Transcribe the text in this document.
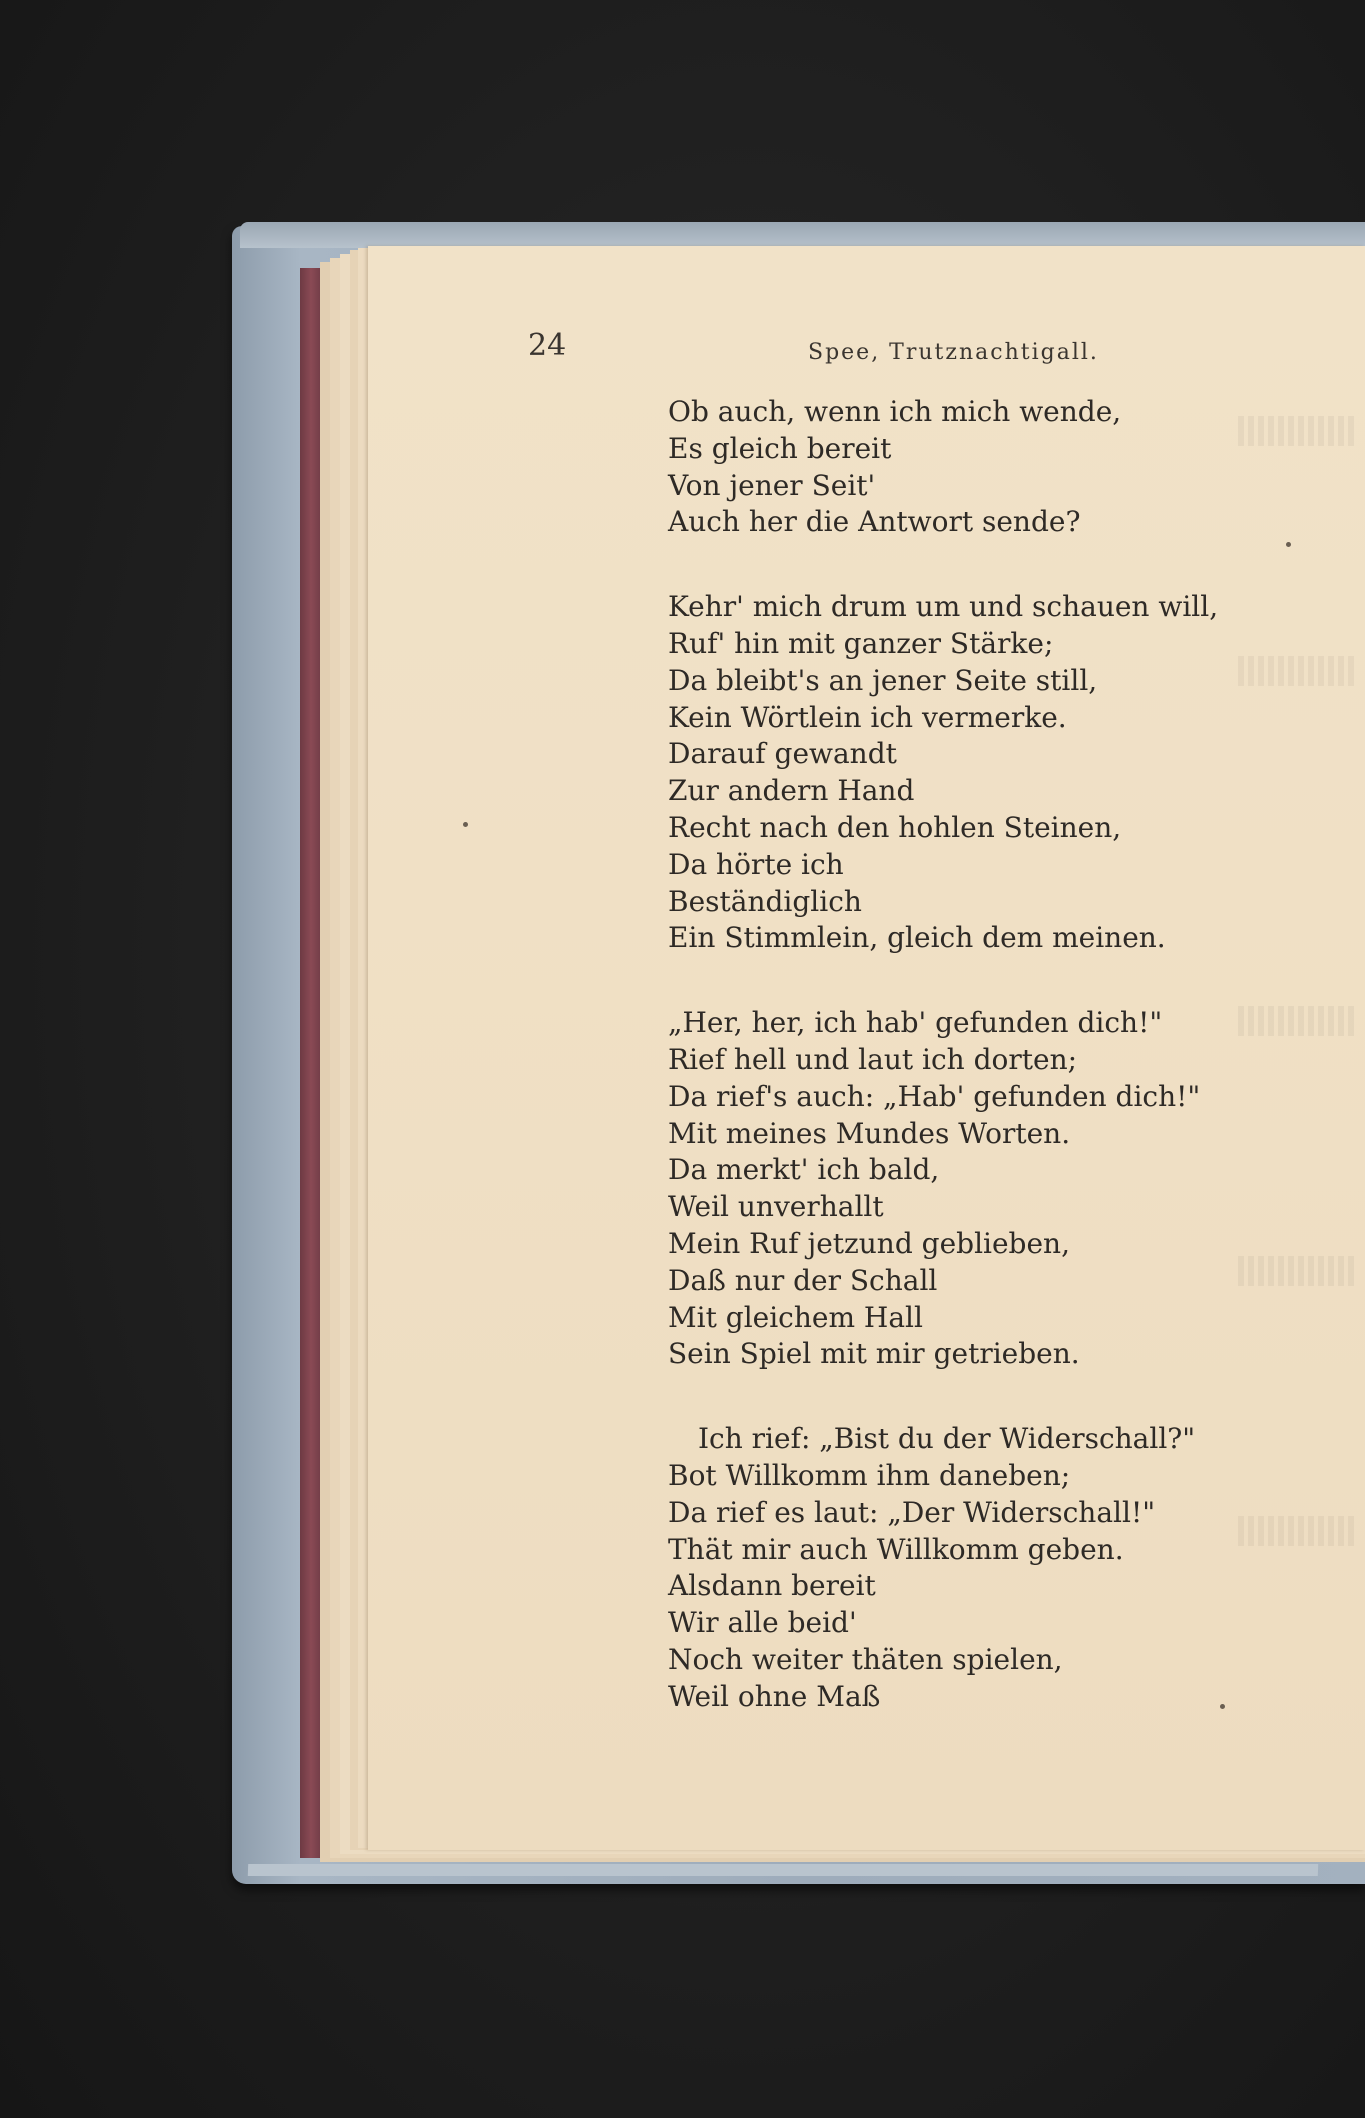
24	Spee, Trutznachtigall.
Ob auch, wenn ich mich wende,
Es gleich bereit
Von jener Seit'
Auch her die Antwort sende?
Kehr' mich drum um und schauen will,
Ruf' hin mit ganzer Stärke;
Da bleibt's an jener Seite still,
Kein Wörtlein ich vermerke.
Darauf gewandt
Zur andern Hand
Recht nach den hohlen Steinen,
Da hörte ich
Beständiglich
Ein Stimmlein, gleich dem meinen.
„Her, her, ich hab' gefunden dich!"
Rief hell und laut ich dorten;
Da rief's auch: „Hab' gefunden dich!"
Mit meines Mundes Worten.
Da merkt' ich bald,
Weil unverhallt
Mein Ruf jetzund geblieben,
Daß nur der Schall
Mit gleichem Hall
Sein Spiel mit mir getrieben.
Ich rief: „Bist du der Widerschall?"
Bot Willkomm ihm daneben;
Da rief es laut: „Der Widerschall!"
Thät mir auch Willkomm geben.
Alsdann bereit
Wir alle beid'
Noch weiter thäten spielen,
Weil ohne Maß
